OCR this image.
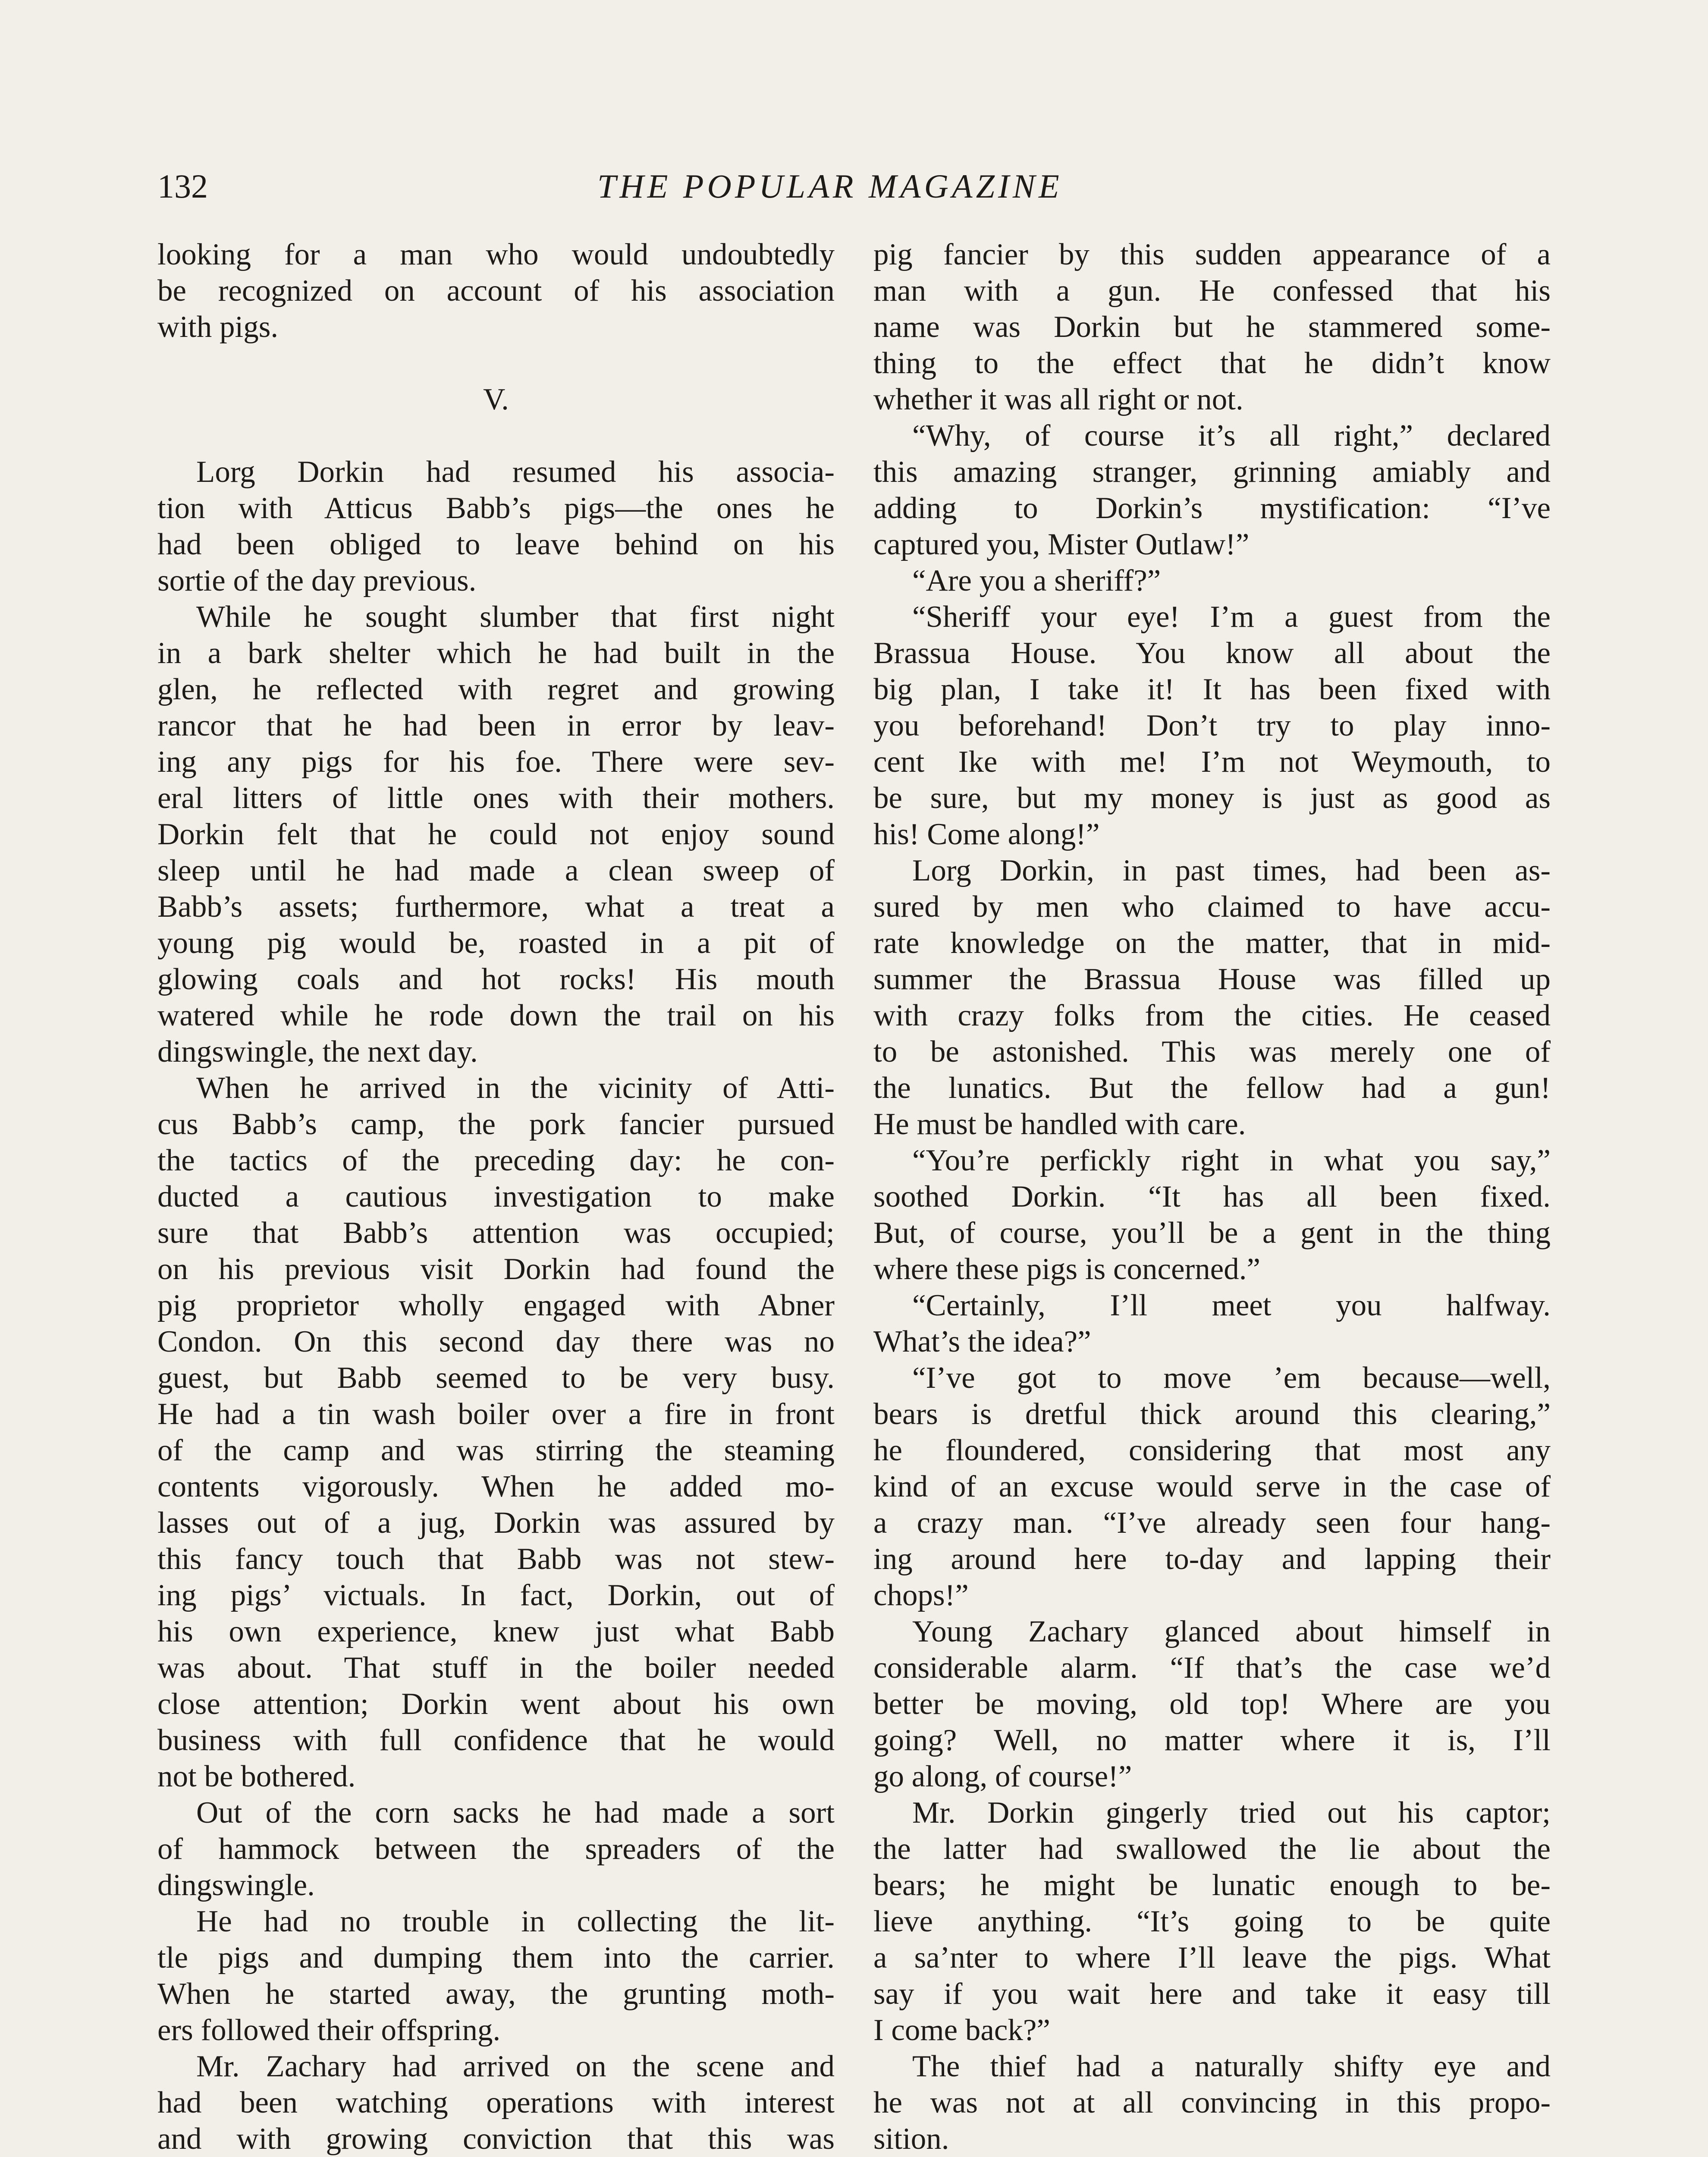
132	THE POPULAR MAGAZINE
looking for a man who would undoubtedly
be recognized on account of his association
with pigs.
V.
Lorg Dorkin had resumed his associa-
tion with Atticus Babb’s pigs—the ones he
had been obliged to leave behind on his
sortie of the day previous.
While he sought slumber that first night
in a bark shelter which he had built in the
glen, he reflected with regret and growing
rancor that he had been in error by leav-
ing any pigs for his foe. There were sev-
eral litters of little ones with their mothers.
Dorkin felt that he could not enjoy sound
sleep until he had made a clean sweep of
Babb’s assets; furthermore, what a treat a
young pig would be, roasted in a pit of
glowing coals and hot rocks! His mouth
watered while he rode down the trail on his
dingswingle, the next day.
When he arrived in the vicinity of Atti-
cus Babb’s camp, the pork fancier pursued
the tactics of the preceding day: he con-
ducted a cautious investigation to make
sure that Babb’s attention was occupied;
on his previous visit Dorkin had found the
pig proprietor wholly engaged with Abner
Condon. On this second day there was no
guest, but Babb seemed to be very busy.
He had a tin wash boiler over a fire in front
of the camp and was stirring the steaming
contents vigorously. When he added mo-
lasses out of a jug, Dorkin was assured by
this fancy touch that Babb was not stew-
ing pigs’ victuals. In fact, Dorkin, out of
his own experience, knew just what Babb
was about. That stuff in the boiler needed
close attention; Dorkin went about his own
business with full confidence that he would
not be bothered.
Out of the corn sacks he had made a sort
of hammock between the spreaders of the
dingswingle.
He had no trouble in collecting the lit-
tle pigs and dumping them into the carrier.
When he started away, the grunting moth-
ers followed their offspring.
Mr. Zachary had arrived on the scene and
had been watching operations with interest
and with growing conviction that this was
pig fancier by this sudden appearance of a
man with a gun. He confessed that his
name was Dorkin but he stammered some-
thing to the effect that he didn’t know
whether it was all right or not.
“Why, of course it’s all right,” declared
this amazing stranger, grinning amiably and
adding to Dorkin’s mystification: “I’ve
captured you, Mister Outlaw!”
“Are you a sheriff?”
“Sheriff your eye! I’m a guest from the
Brassua House. You know all about the
big plan, I take it! It has been fixed with
you beforehand! Don’t try to play inno-
cent Ike with me! I’m not Weymouth, to
be sure, but my money is just as good as
his! Come along!”
Lorg Dorkin, in past times, had been as-
sured by men who claimed to have accu-
rate knowledge on the matter, that in mid-
summer the Brassua House was filled up
with crazy folks from the cities. He ceased
to be astonished. This was merely one of
the lunatics. But the fellow had a gun!
He must be handled with care.
“You’re perfickly right in what you say,”
soothed Dorkin. “It has all been fixed.
But, of course, you’ll be a gent in the thing
where these pigs is concerned.”
“Certainly, I’ll meet you halfway.
What’s the idea?”
“I’ve got to move ’em because—well,
bears is dretful thick around this clearing,”
he floundered, considering that most any
kind of an excuse would serve in the case of
a crazy man. “I’ve already seen four hang-
ing around here to-day and lapping their
chops!”
Young Zachary glanced about himself in
considerable alarm. “If that’s the case we’d
better be moving, old top! Where are you
going? Well, no matter where it is, I’ll
go along, of course!”
Mr. Dorkin gingerly tried out his captor;
the latter had swallowed the lie about the
bears; he might be lunatic enough to be-
lieve anything. “It’s going to be quite
a sa’nter to where I’ll leave the pigs. What
say if you wait here and take it easy till
I come back?”
The thief had a naturally shifty eye and
he was not at all convincing in this propo-
sition.
